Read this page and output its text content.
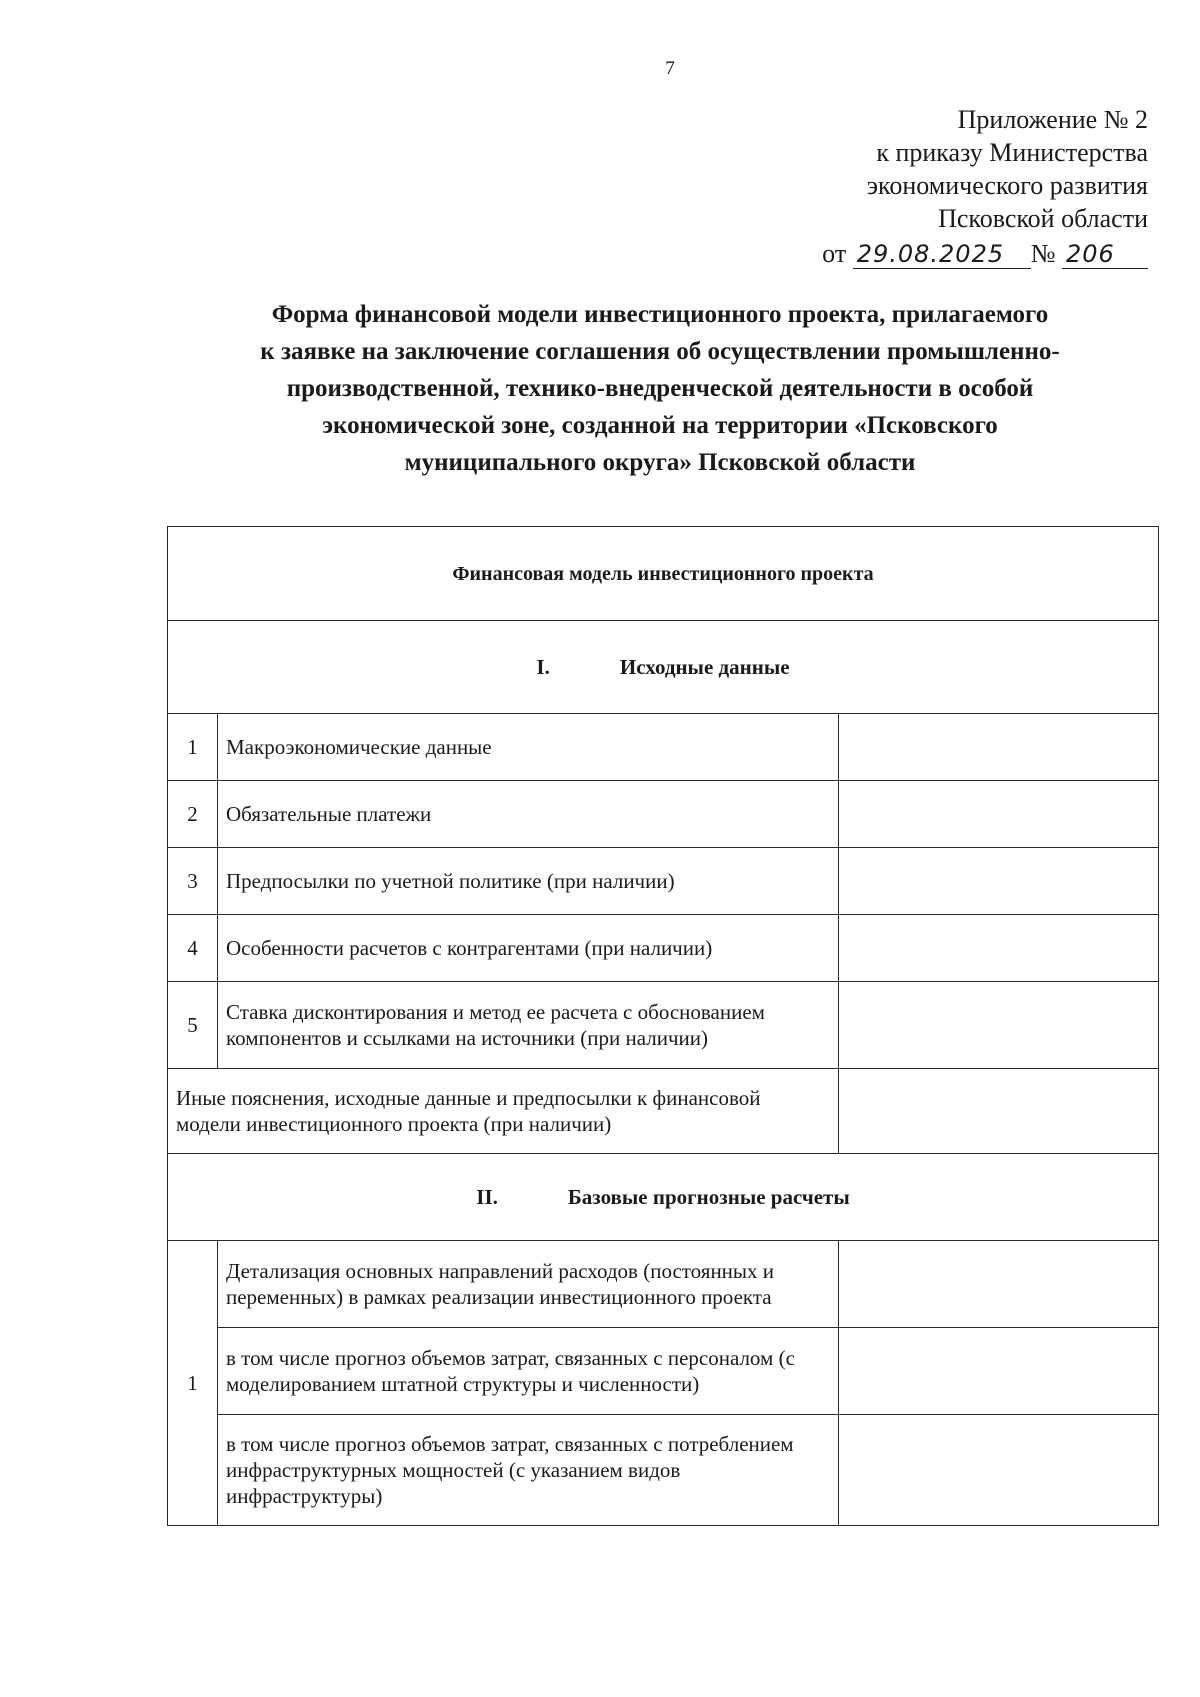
7
Приложение № 2
к приказу Министерства
экономического развития
Псковской области
от 29.08.2025 № 206
Форма финансовой модели инвестиционного проекта, прилагаемого
к заявке на заключение соглашения об осуществлении промышленно-
производственной, технико-внедренческой деятельности в особой
экономической зоне, созданной на территории «Псковского
муниципального округа» Псковской области
Финансовая модель инвестиционного проекта		
I. Исходные данные		
1	Макроэкономические данные	
2	Обязательные платежи	
3	Предпосылки по учетной политике (при наличии)	
4	Особенности расчетов с контрагентами (при наличии)	
5	Ставка дисконтирования и метод ее расчета с обоснованием компонентов и ссылками на источники (при наличии)	
Иные пояснения, исходные данные и предпосылки к финансовой модели инвестиционного проекта (при наличии)		
II. Базовые прогнозные расчеты		
1	Детализация основных направлений расходов (постоянных и переменных) в рамках реализации инвестиционного проекта	
	в том числе прогноз объемов затрат, связанных с персоналом (с моделированием штатной структуры и численности)	
	в том числе прогноз объемов затрат, связанных с потреблением инфраструктурных мощностей (с указанием видов инфраструктуры)	
